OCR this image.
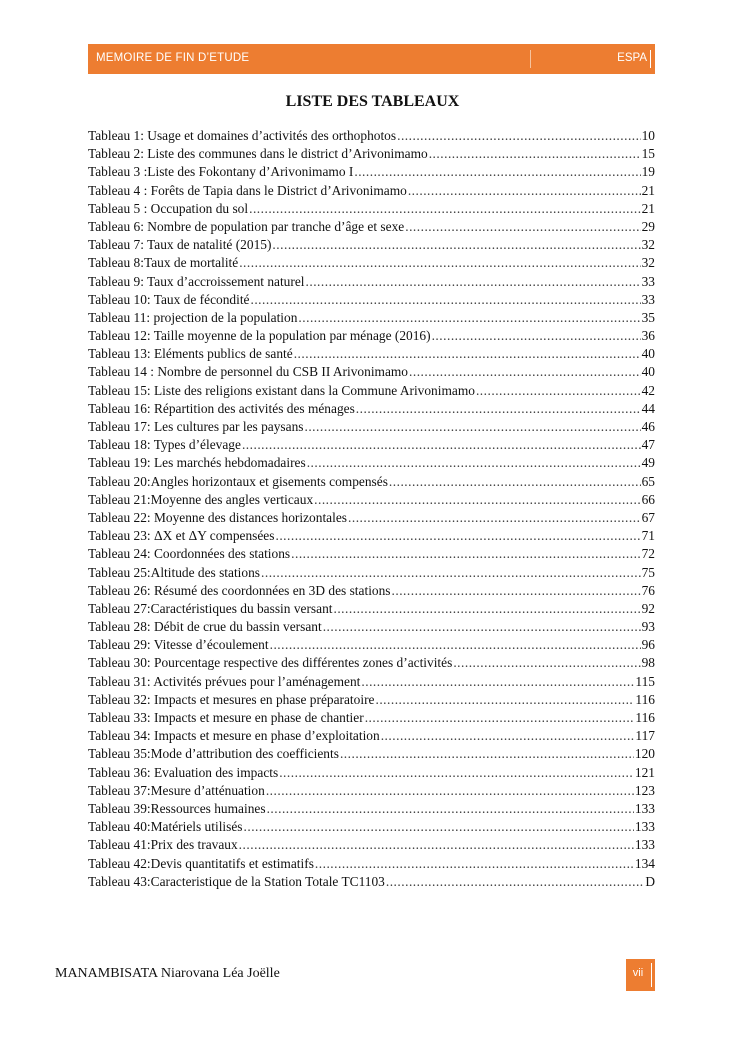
MEMOIRE DE FIN D’ETUDE	ESPA
LISTE DES TABLEAUX
Tableau 1: Usage et domaines d’activités des orthophotos .....	10
Tableau 2: Liste des communes dans le district d’Arivonimamo .....	15
Tableau 3 :Liste des Fokontany d’Arivonimamo I .....	19
Tableau 4 : Forêts de Tapia dans le District d’Arivonimamo .....	21
Tableau 5 : Occupation du sol .....	21
Tableau 6: Nombre de population par tranche d’âge et sexe .....	29
Tableau 7: Taux de natalité (2015) .....	32
Tableau 8:Taux de mortalité .....	32
Tableau 9: Taux d’accroissement naturel .....	33
Tableau 10: Taux de fécondité .....	33
Tableau 11: projection de la population .....	35
Tableau 12: Taille moyenne de la population par ménage (2016) .....	36
Tableau 13: Eléments publics de santé .....	40
Tableau 14 : Nombre de personnel du CSB II Arivonimamo .....	40
Tableau 15: Liste des religions existant dans la Commune Arivonimamo .....	42
Tableau 16: Répartition des activités des ménages .....	44
Tableau 17: Les cultures par les paysans .....	46
Tableau 18: Types d’élevage .....	47
Tableau 19: Les marchés hebdomadaires .....	49
Tableau 20:Angles horizontaux et gisements compensés .....	65
Tableau 21:Moyenne des angles verticaux .....	66
Tableau 22: Moyenne des distances horizontales .....	67
Tableau 23: ΔX et ΔY compensées .....	71
Tableau 24: Coordonnées des stations .....	72
Tableau 25:Altitude des stations .....	75
Tableau 26: Résumé des coordonnées en 3D des stations .....	76
Tableau 27:Caractéristiques du bassin versant .....	92
Tableau 28: Débit de crue du bassin versant .....	93
Tableau 29: Vitesse d’écoulement .....	96
Tableau 30: Pourcentage respective des différentes zones d’activités .....	98
Tableau 31: Activités prévues pour l’aménagement .....	115
Tableau 32: Impacts et mesures en phase préparatoire .....	116
Tableau 33: Impacts et mesure en phase de chantier .....	116
Tableau 34: Impacts et mesure en phase d’exploitation .....	117
Tableau 35:Mode d’attribution des coefficients .....	120
Tableau 36: Evaluation des impacts .....	121
Tableau 37:Mesure d’atténuation .....	123
Tableau 39:Ressources humaines .....	133
Tableau 40:Matériels utilisés .....	133
Tableau 41:Prix des travaux .....	133
Tableau 42:Devis quantitatifs et estimatifs .....	134
Tableau 43:Caracteristique de la Station Totale TC1103 .....	D
MANAMBISATA Niarovana Léa Joëlle	vii
